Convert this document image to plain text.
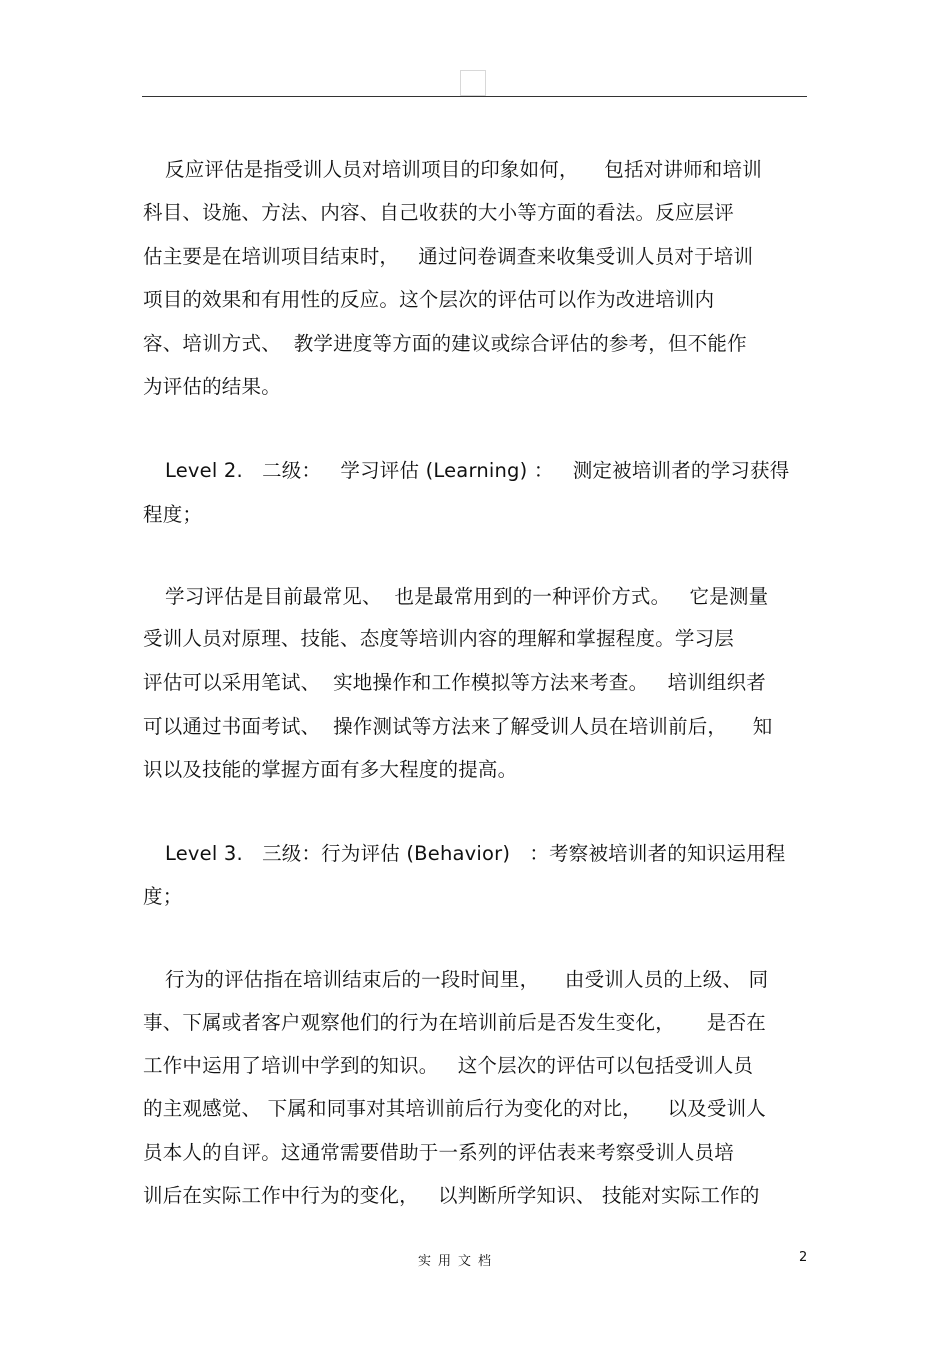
反应评估是指受训人员对培训项目的印象如何，    包括对讲师和培训
科目、设施、方法、内容、自己收获的大小等方面的看法。反应层评
估主要是在培训项目结束时，   通过问卷调查来收集受训人员对于培训
项目的效果和有用性的反应。这个层次的评估可以作为改进培训内
容、培训方式、  教学进度等方面的建议或综合评估的参考，但不能作
为评估的结果。
Level 2.   二级：   学习评估 (Learning) ：   测定被培训者的学习获得
程度；
学习评估是目前最常见、  也是最常用到的一种评价方式。   它是测量
受训人员对原理、技能、态度等培训内容的理解和掌握程度。学习层
评估可以采用笔试、  实地操作和工作模拟等方法来考查。   培训组织者
可以通过书面考试、  操作测试等方法来了解受训人员在培训前后，    知
识以及技能的掌握方面有多大程度的提高。
Level 3.   三级：行为评估 (Behavior)   ：考察被培训者的知识运用程
度；
行为的评估指在培训结束后的一段时间里，    由受训人员的上级、 同
事、下属或者客户观察他们的行为在培训前后是否发生变化，     是否在
工作中运用了培训中学到的知识。   这个层次的评估可以包括受训人员
的主观感觉、 下属和同事对其培训前后行为变化的对比，    以及受训人
员本人的自评。这通常需要借助于一系列的评估表来考察受训人员培
训后在实际工作中行为的变化，   以判断所学知识、 技能对实际工作的
实用文档	2
